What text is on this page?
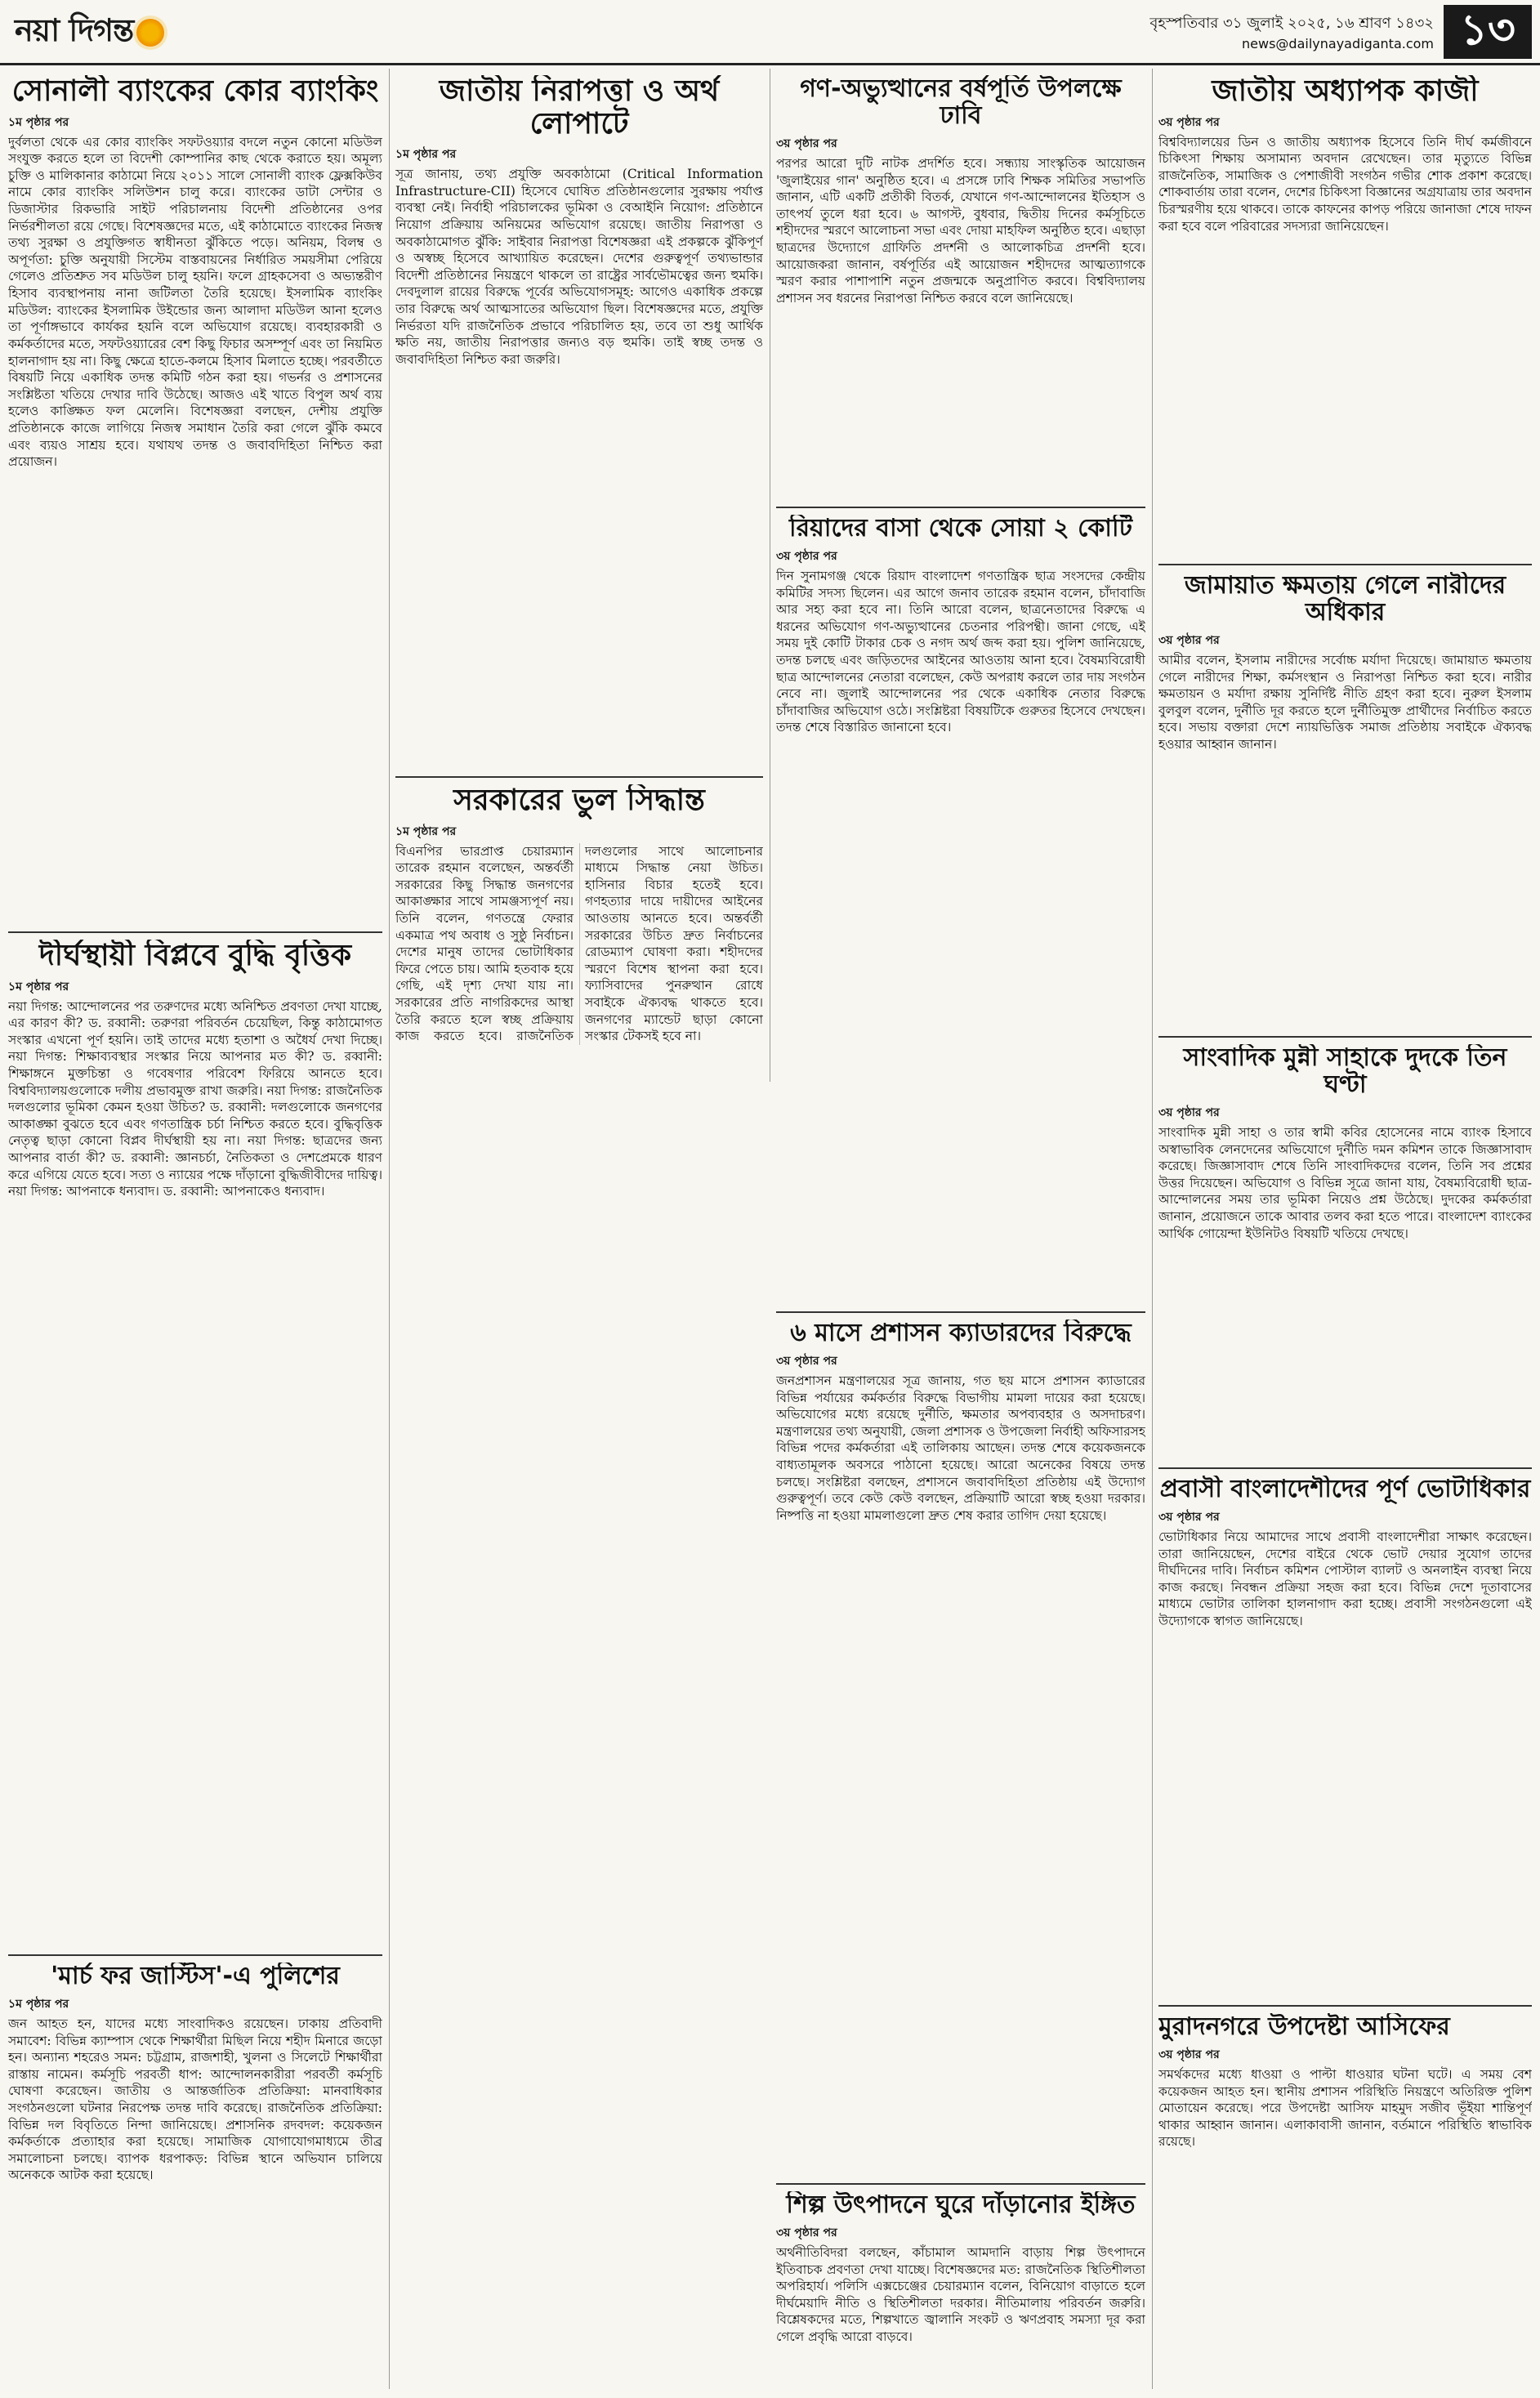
নয়া দিগন্ত	বৃহস্পতিবার ৩১ জুলাই ২০২৫, ১৬ শ্রাবণ ১৪৩২
news@dailynayadiganta.com ১৩
সোনালী ব্যাংকের কোর ব্যাংকিং
১ম পৃষ্ঠার পর
দুর্বলতা থেকে এর কোর ব্যাংকিং সফটওয়্যার বদলে নতুন কোনো মডিউল সংযুক্ত করতে হলে তা বিদেশী কোম্পানির কাছ থেকে করাতে হয়। অমূল্য চুক্তি ও মালিকানার কাঠামো নিয়ে ২০১১ সালে সোনালী ব্যাংক ফ্লেক্সকিউব নামে কোর ব্যাংকিং সলিউশন চালু করে। ব্যাংকের ডাটা সেন্টার ও ডিজাস্টার রিকভারি সাইট পরিচালনায় বিদেশী প্রতিষ্ঠানের ওপর নির্ভরশীলতা রয়ে গেছে। বিশেষজ্ঞদের মতে, এই কাঠামোতে ব্যাংকের নিজস্ব তথ্য সুরক্ষা ও প্রযুক্তিগত স্বাধীনতা ঝুঁকিতে পড়ে। অনিয়ম, বিলম্ব ও অপূর্ণতা: চুক্তি অনুযায়ী সিস্টেম বাস্তবায়নের নির্ধারিত সময়সীমা পেরিয়ে গেলেও প্রতিশ্রুত সব মডিউল চালু হয়নি। ফলে গ্রাহকসেবা ও অভ্যন্তরীণ হিসাব ব্যবস্থাপনায় নানা জটিলতা তৈরি হয়েছে। ইসলামিক ব্যাংকিং মডিউল: ব্যাংকের ইসলামিক উইন্ডোর জন্য আলাদা মডিউল আনা হলেও তা পূর্ণাঙ্গভাবে কার্যকর হয়নি বলে অভিযোগ রয়েছে। ব্যবহারকারী ও কর্মকর্তাদের মতে, সফটওয়্যারের বেশ কিছু ফিচার অসম্পূর্ণ এবং তা নিয়মিত হালনাগাদ হয় না। কিছু ক্ষেত্রে হাতে-কলমে হিসাব মিলাতে হচ্ছে। পরবর্তীতে বিষয়টি নিয়ে একাধিক তদন্ত কমিটি গঠন করা হয়। গভর্নর ও প্রশাসনের সংশ্লিষ্টতা খতিয়ে দেখার দাবি উঠেছে। আজও এই খাতে বিপুল অর্থ ব্যয় হলেও কাঙ্ক্ষিত ফল মেলেনি। বিশেষজ্ঞরা বলছেন, দেশীয় প্রযুক্তি প্রতিষ্ঠানকে কাজে লাগিয়ে নিজস্ব সমাধান তৈরি করা গেলে ঝুঁকি কমবে এবং ব্যয়ও সাশ্রয় হবে। যথাযথ তদন্ত ও জবাবদিহিতা নিশ্চিত করা প্রয়োজন।
দীর্ঘস্থায়ী বিপ্লবে বুদ্ধি বৃত্তিক
১ম পৃষ্ঠার পর
নয়া দিগন্ত: আন্দোলনের পর তরুণদের মধ্যে অনিশ্চিত প্রবণতা দেখা যাচ্ছে, এর কারণ কী? ড. রব্বানী: তরুণরা পরিবর্তন চেয়েছিল, কিন্তু কাঠামোগত সংস্কার এখনো পূর্ণ হয়নি। তাই তাদের মধ্যে হতাশা ও অধৈর্য দেখা দিচ্ছে। নয়া দিগন্ত: শিক্ষাব্যবস্থার সংস্কার নিয়ে আপনার মত কী? ড. রব্বানী: শিক্ষাঙ্গনে মুক্তচিন্তা ও গবেষণার পরিবেশ ফিরিয়ে আনতে হবে। বিশ্ববিদ্যালয়গুলোকে দলীয় প্রভাবমুক্ত রাখা জরুরি। নয়া দিগন্ত: রাজনৈতিক দলগুলোর ভূমিকা কেমন হওয়া উচিত? ড. রব্বানী: দলগুলোকে জনগণের আকাঙ্ক্ষা বুঝতে হবে এবং গণতান্ত্রিক চর্চা নিশ্চিত করতে হবে। বুদ্ধিবৃত্তিক নেতৃত্ব ছাড়া কোনো বিপ্লব দীর্ঘস্থায়ী হয় না। নয়া দিগন্ত: ছাত্রদের জন্য আপনার বার্তা কী? ড. রব্বানী: জ্ঞানচর্চা, নৈতিকতা ও দেশপ্রেমকে ধারণ করে এগিয়ে যেতে হবে। সত্য ও ন্যায়ের পক্ষে দাঁড়ানো বুদ্ধিজীবীদের দায়িত্ব। নয়া দিগন্ত: আপনাকে ধন্যবাদ। ড. রব্বানী: আপনাকেও ধন্যবাদ।
'মার্চ ফর জাস্টিস'-এ পুলিশের
১ম পৃষ্ঠার পর
জন আহত হন, যাদের মধ্যে সাংবাদিকও রয়েছেন। ঢাকায় প্রতিবাদী সমাবেশ: বিভিন্ন ক্যাম্পাস থেকে শিক্ষার্থীরা মিছিল নিয়ে শহীদ মিনারে জড়ো হন। অন্যান্য শহরেও সমন: চট্টগ্রাম, রাজশাহী, খুলনা ও সিলেটে শিক্ষার্থীরা রাস্তায় নামেন। কর্মসূচি পরবর্তী ধাপ: আন্দোলনকারীরা পরবর্তী কর্মসূচি ঘোষণা করেছেন। জাতীয় ও আন্তর্জাতিক প্রতিক্রিয়া: মানবাধিকার সংগঠনগুলো ঘটনার নিরপেক্ষ তদন্ত দাবি করেছে। রাজনৈতিক প্রতিক্রিয়া: বিভিন্ন দল বিবৃতিতে নিন্দা জানিয়েছে। প্রশাসনিক রদবদল: কয়েকজন কর্মকর্তাকে প্রত্যাহার করা হয়েছে। সামাজিক যোগাযোগমাধ্যমে তীব্র সমালোচনা চলছে। ব্যাপক ধরপাকড়: বিভিন্ন স্থানে অভিযান চালিয়ে অনেককে আটক করা হয়েছে।
জাতীয় নিরাপত্তা ও অর্থ লোপাটে
১ম পৃষ্ঠার পর
সূত্র জানায়, তথ্য প্রযুক্তি অবকাঠামো (Critical Information Infrastructure-CII) হিসেবে ঘোষিত প্রতিষ্ঠানগুলোর সুরক্ষায় পর্যাপ্ত ব্যবস্থা নেই। নির্বাহী পরিচালকের ভূমিকা ও বেআইনি নিয়োগ: প্রতিষ্ঠানে নিয়োগ প্রক্রিয়ায় অনিয়মের অভিযোগ রয়েছে। জাতীয় নিরাপত্তা ও অবকাঠামোগত ঝুঁকি: সাইবার নিরাপত্তা বিশেষজ্ঞরা এই প্রকল্পকে ঝুঁকিপূর্ণ ও অস্বচ্ছ হিসেবে আখ্যায়িত করেছেন। দেশের গুরুত্বপূর্ণ তথ্যভান্ডার বিদেশী প্রতিষ্ঠানের নিয়ন্ত্রণে থাকলে তা রাষ্ট্রের সার্বভৌমত্বের জন্য হুমকি। দেবদুলাল রায়ের বিরুদ্ধে পূর্বের অভিযোগসমূহ: আগেও একাধিক প্রকল্পে তার বিরুদ্ধে অর্থ আত্মসাতের অভিযোগ ছিল। বিশেষজ্ঞদের মতে, প্রযুক্তি নির্ভরতা যদি রাজনৈতিক প্রভাবে পরিচালিত হয়, তবে তা শুধু আর্থিক ক্ষতি নয়, জাতীয় নিরাপত্তার জন্যও বড় হুমকি। তাই স্বচ্ছ তদন্ত ও জবাবদিহিতা নিশ্চিত করা জরুরি।
সরকারের ভুল সিদ্ধান্ত
১ম পৃষ্ঠার পর
বিএনপির ভারপ্রাপ্ত চেয়ারম্যান তারেক রহমান বলেছেন, অন্তর্বর্তী সরকারের কিছু সিদ্ধান্ত জনগণের আকাঙ্ক্ষার সাথে সামঞ্জস্যপূর্ণ নয়। তিনি বলেন, গণতন্ত্রে ফেরার একমাত্র পথ অবাধ ও সুষ্ঠু নির্বাচন। দেশের মানুষ তাদের ভোটাধিকার ফিরে পেতে চায়। আমি হতবাক হয়ে গেছি, এই দৃশ্য দেখা যায় না। সরকারের প্রতি নাগরিকদের আস্থা তৈরি করতে হলে স্বচ্ছ প্রক্রিয়ায় কাজ করতে হবে। রাজনৈতিক দলগুলোর সাথে আলোচনার মাধ্যমে সিদ্ধান্ত নেয়া উচিত। হাসিনার বিচার হতেই হবে। গণহত্যার দায়ে দায়ীদের আইনের আওতায় আনতে হবে। অন্তর্বর্তী সরকারের উচিত দ্রুত নির্বাচনের রোডম্যাপ ঘোষণা করা। শহীদদের স্মরণে বিশেষ স্থাপনা করা হবে। ফ্যাসিবাদের পুনরুত্থান রোধে সবাইকে ঐক্যবদ্ধ থাকতে হবে। জনগণের ম্যান্ডেট ছাড়া কোনো সংস্কার টেকসই হবে না।
গণ-অভ্যুত্থানের বর্ষপূর্তি উপলক্ষে ঢাবি
৩য় পৃষ্ঠার পর
পরপর আরো দুটি নাটক প্রদর্শিত হবে। সন্ধ্যায় সাংস্কৃতিক আয়োজন 'জুলাইয়ের গান' অনুষ্ঠিত হবে। এ প্রসঙ্গে ঢাবি শিক্ষক সমিতির সভাপতি জানান, এটি একটি প্রতীকী বিতর্ক, যেখানে গণ-আন্দোলনের ইতিহাস ও তাৎপর্য তুলে ধরা হবে। ৬ আগস্ট, বুধবার, দ্বিতীয় দিনের কর্মসূচিতে শহীদদের স্মরণে আলোচনা সভা এবং দোয়া মাহফিল অনুষ্ঠিত হবে। এছাড়া ছাত্রদের উদ্যোগে গ্রাফিতি প্রদর্শনী ও আলোকচিত্র প্রদর্শনী হবে। আয়োজকরা জানান, বর্ষপূর্তির এই আয়োজন শহীদদের আত্মত্যাগকে স্মরণ করার পাশাপাশি নতুন প্রজন্মকে অনুপ্রাণিত করবে। বিশ্ববিদ্যালয় প্রশাসন সব ধরনের নিরাপত্তা নিশ্চিত করবে বলে জানিয়েছে।
রিয়াদের বাসা থেকে সোয়া ২ কোটি
৩য় পৃষ্ঠার পর
দিন সুনামগঞ্জ থেকে রিয়াদ বাংলাদেশ গণতান্ত্রিক ছাত্র সংসদের কেন্দ্রীয় কমিটির সদস্য ছিলেন। এর আগে জনাব তারেক রহমান বলেন, চাঁদাবাজি আর সহ্য করা হবে না। তিনি আরো বলেন, ছাত্রনেতাদের বিরুদ্ধে এ ধরনের অভিযোগ গণ-অভ্যুত্থানের চেতনার পরিপন্থী। জানা গেছে, এই সময় দুই কোটি টাকার চেক ও নগদ অর্থ জব্দ করা হয়। পুলিশ জানিয়েছে, তদন্ত চলছে এবং জড়িতদের আইনের আওতায় আনা হবে। বৈষম্যবিরোধী ছাত্র আন্দোলনের নেতারা বলেছেন, কেউ অপরাধ করলে তার দায় সংগঠন নেবে না। জুলাই আন্দোলনের পর থেকে একাধিক নেতার বিরুদ্ধে চাঁদাবাজির অভিযোগ ওঠে। সংশ্লিষ্টরা বিষয়টিকে গুরুতর হিসেবে দেখছেন। তদন্ত শেষে বিস্তারিত জানানো হবে।
৬ মাসে প্রশাসন ক্যাডারদের বিরুদ্ধে
৩য় পৃষ্ঠার পর
জনপ্রশাসন মন্ত্রণালয়ের সূত্র জানায়, গত ছয় মাসে প্রশাসন ক্যাডারের বিভিন্ন পর্যায়ের কর্মকর্তার বিরুদ্ধে বিভাগীয় মামলা দায়ের করা হয়েছে। অভিযোগের মধ্যে রয়েছে দুর্নীতি, ক্ষমতার অপব্যবহার ও অসদাচরণ। মন্ত্রণালয়ের তথ্য অনুযায়ী, জেলা প্রশাসক ও উপজেলা নির্বাহী অফিসারসহ বিভিন্ন পদের কর্মকর্তারা এই তালিকায় আছেন। তদন্ত শেষে কয়েকজনকে বাধ্যতামূলক অবসরে পাঠানো হয়েছে। আরো অনেকের বিষয়ে তদন্ত চলছে। সংশ্লিষ্টরা বলছেন, প্রশাসনে জবাবদিহিতা প্রতিষ্ঠায় এই উদ্যোগ গুরুত্বপূর্ণ। তবে কেউ কেউ বলছেন, প্রক্রিয়াটি আরো স্বচ্ছ হওয়া দরকার। নিষ্পত্তি না হওয়া মামলাগুলো দ্রুত শেষ করার তাগিদ দেয়া হয়েছে।
শিল্প উৎপাদনে ঘুরে দাঁড়ানোর ইঙ্গিত
৩য় পৃষ্ঠার পর
অর্থনীতিবিদরা বলছেন, কাঁচামাল আমদানি বাড়ায় শিল্প উৎপাদনে ইতিবাচক প্রবণতা দেখা যাচ্ছে। বিশেষজ্ঞদের মত: রাজনৈতিক স্থিতিশীলতা অপরিহার্য। পলিসি এক্সচেঞ্জের চেয়ারম্যান বলেন, বিনিয়োগ বাড়াতে হলে দীর্ঘমেয়াদি নীতি ও স্থিতিশীলতা দরকার। নীতিমালায় পরিবর্তন জরুরি। বিশ্লেষকদের মতে, শিল্পখাতে জ্বালানি সংকট ও ঋণপ্রবাহ সমস্যা দূর করা গেলে প্রবৃদ্ধি আরো বাড়বে।
জাতীয় অধ্যাপক কাজী
৩য় পৃষ্ঠার পর
বিশ্ববিদ্যালয়ের ডিন ও জাতীয় অধ্যাপক হিসেবে তিনি দীর্ঘ কর্মজীবনে চিকিৎসা শিক্ষায় অসামান্য অবদান রেখেছেন। তার মৃত্যুতে বিভিন্ন রাজনৈতিক, সামাজিক ও পেশাজীবী সংগঠন গভীর শোক প্রকাশ করেছে। শোকবার্তায় তারা বলেন, দেশের চিকিৎসা বিজ্ঞানের অগ্রযাত্রায় তার অবদান চিরস্মরণীয় হয়ে থাকবে। তাকে কাফনের কাপড় পরিয়ে জানাজা শেষে দাফন করা হবে বলে পরিবারের সদস্যরা জানিয়েছেন।
জামায়াত ক্ষমতায় গেলে নারীদের অধিকার
৩য় পৃষ্ঠার পর
আমীর বলেন, ইসলাম নারীদের সর্বোচ্চ মর্যাদা দিয়েছে। জামায়াত ক্ষমতায় গেলে নারীদের শিক্ষা, কর্মসংস্থান ও নিরাপত্তা নিশ্চিত করা হবে। নারীর ক্ষমতায়ন ও মর্যাদা রক্ষায় সুনির্দিষ্ট নীতি গ্রহণ করা হবে। নুরুল ইসলাম বুলবুল বলেন, দুর্নীতি দূর করতে হলে দুর্নীতিমুক্ত প্রার্থীদের নির্বাচিত করতে হবে। সভায় বক্তারা দেশে ন্যায়ভিত্তিক সমাজ প্রতিষ্ঠায় সবাইকে ঐক্যবদ্ধ হওয়ার আহ্বান জানান।
সাংবাদিক মুন্নী সাহাকে দুদকে তিন ঘণ্টা
৩য় পৃষ্ঠার পর
সাংবাদিক মুন্নী সাহা ও তার স্বামী কবির হোসেনের নামে ব্যাংক হিসাবে অস্বাভাবিক লেনদেনের অভিযোগে দুর্নীতি দমন কমিশন তাকে জিজ্ঞাসাবাদ করেছে। জিজ্ঞাসাবাদ শেষে তিনি সাংবাদিকদের বলেন, তিনি সব প্রশ্নের উত্তর দিয়েছেন। অভিযোগ ও বিভিন্ন সূত্রে জানা যায়, বৈষম্যবিরোধী ছাত্র-আন্দোলনের সময় তার ভূমিকা নিয়েও প্রশ্ন উঠেছে। দুদকের কর্মকর্তারা জানান, প্রয়োজনে তাকে আবার তলব করা হতে পারে। বাংলাদেশ ব্যাংকের আর্থিক গোয়েন্দা ইউনিটও বিষয়টি খতিয়ে দেখছে।
প্রবাসী বাংলাদেশীদের পূর্ণ ভোটাধিকার
৩য় পৃষ্ঠার পর
ভোটাধিকার নিয়ে আমাদের সাথে প্রবাসী বাংলাদেশীরা সাক্ষাৎ করেছেন। তারা জানিয়েছেন, দেশের বাইরে থেকে ভোট দেয়ার সুযোগ তাদের দীর্ঘদিনের দাবি। নির্বাচন কমিশন পোস্টাল ব্যালট ও অনলাইন ব্যবস্থা নিয়ে কাজ করছে। নিবন্ধন প্রক্রিয়া সহজ করা হবে। বিভিন্ন দেশে দূতাবাসের মাধ্যমে ভোটার তালিকা হালনাগাদ করা হচ্ছে। প্রবাসী সংগঠনগুলো এই উদ্যোগকে স্বাগত জানিয়েছে।
মুরাদনগরে উপদেষ্টা আসিফের
৩য় পৃষ্ঠার পর
সমর্থকদের মধ্যে ধাওয়া ও পাল্টা ধাওয়ার ঘটনা ঘটে। এ সময় বেশ কয়েকজন আহত হন। স্থানীয় প্রশাসন পরিস্থিতি নিয়ন্ত্রণে অতিরিক্ত পুলিশ মোতায়েন করেছে। পরে উপদেষ্টা আসিফ মাহমুদ সজীব ভূঁইয়া শান্তিপূর্ণ থাকার আহ্বান জানান। এলাকাবাসী জানান, বর্তমানে পরিস্থিতি স্বাভাবিক রয়েছে।
